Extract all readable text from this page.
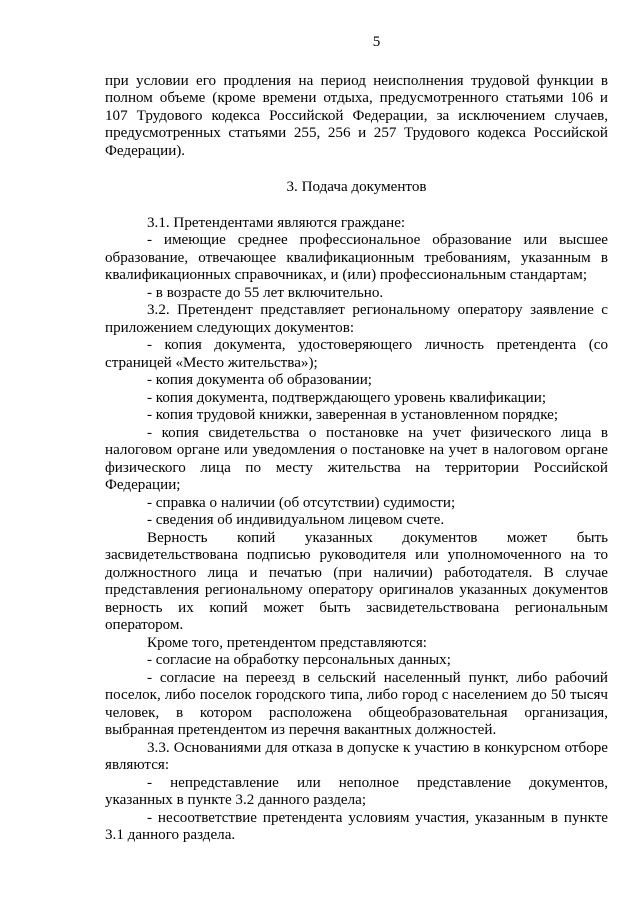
5

при условии его продления на период неисполнения трудовой функции в полном объеме (кроме времени отдыха, предусмотренного статьями 106 и 107 Трудового кодекса Российской Федерации, за исключением случаев, предусмотренных статьями 255, 256 и 257 Трудового кодекса Российской Федерации).

3. Подача документов

3.1. Претендентами являются граждане:

- имеющие среднее профессиональное образование или высшее образование, отвечающее квалификационным требованиям, указанным в квалификационных справочниках, и (или) профессиональным стандартам;

- в возрасте до 55 лет включительно.

3.2. Претендент представляет региональному оператору заявление с приложением следующих документов:

- копия документа, удостоверяющего личность претендента (со страницей «Место жительства»);

- копия документа об образовании;

- копия документа, подтверждающего уровень квалификации;

- копия трудовой книжки, заверенная в установленном порядке;

- копия свидетельства о постановке на учет физического лица в налоговом органе или уведомления о постановке на учет в налоговом органе физического лица по месту жительства на территории Российской Федерации;

- справка о наличии (об отсутствии) судимости;

- сведения об индивидуальном лицевом счете.

Верность копий указанных документов может быть засвидетельствована подписью руководителя или уполномоченного на то должностного лица и печатью (при наличии) работодателя. В случае представления региональному оператору оригиналов указанных документов верность их копий может быть засвидетельствована региональным оператором.

Кроме того, претендентом представляются:

- согласие на обработку персональных данных;

- согласие на переезд в сельский населенный пункт, либо рабочий поселок, либо поселок городского типа, либо город с населением до 50 тысяч человек, в котором расположена общеобразовательная организация, выбранная претендентом из перечня вакантных должностей.

3.3. Основаниями для отказа в допуске к участию в конкурсном отборе являются:

- непредставление или неполное представление документов, указанных в пункте 3.2 данного раздела;

- несоответствие претендента условиям участия, указанным в пункте 3.1 данного раздела.
